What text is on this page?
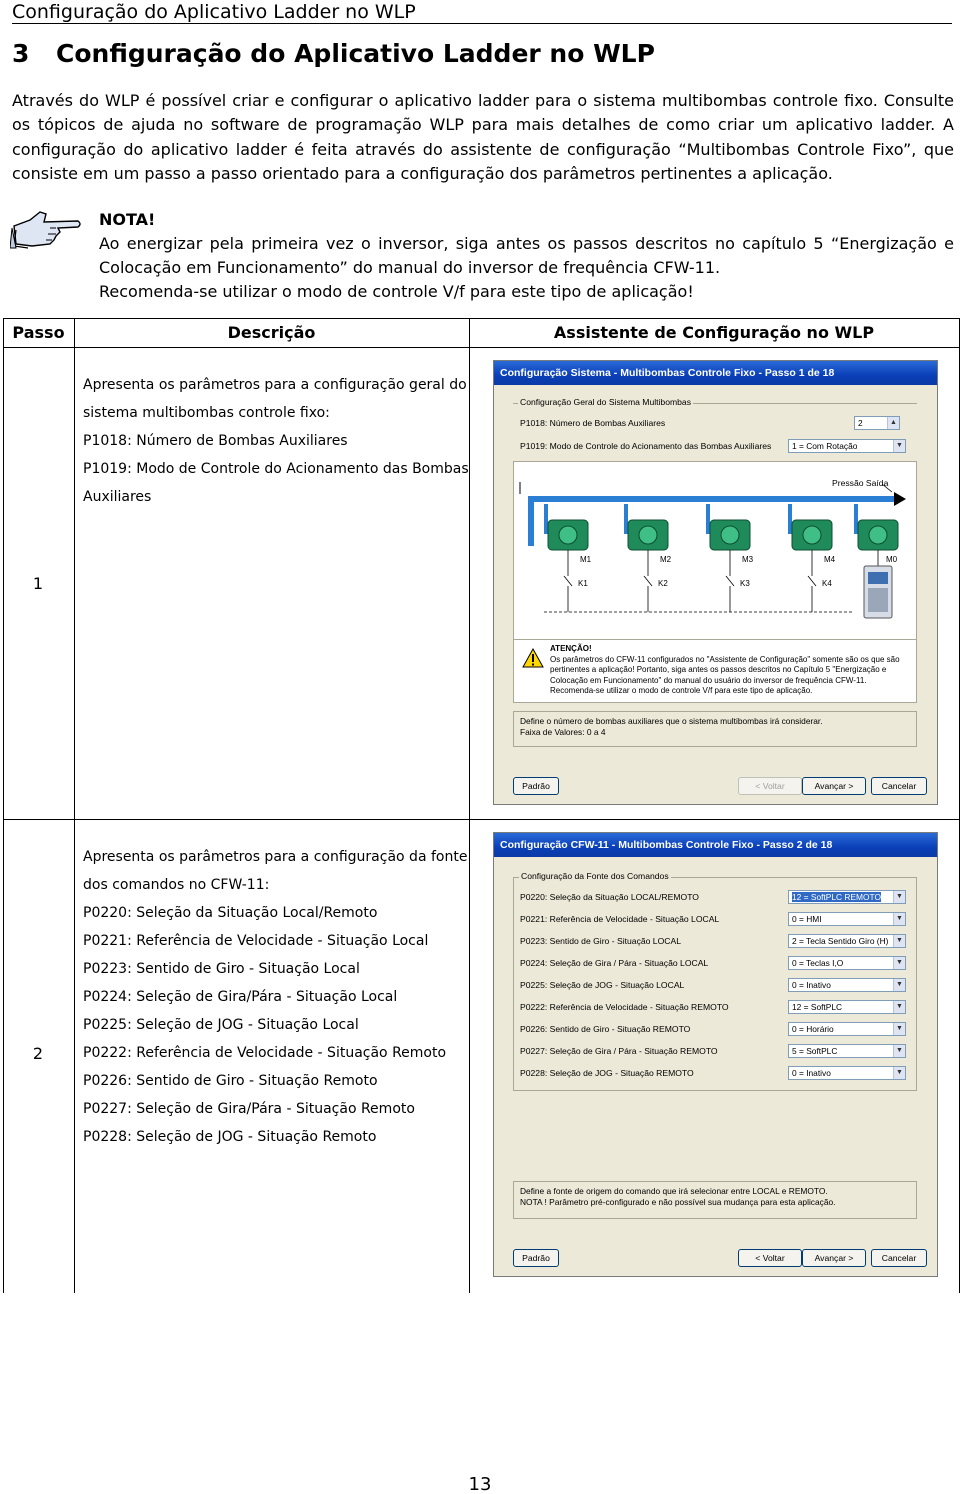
Configuração do Aplicativo Ladder no WLP
3 Configuração do Aplicativo Ladder no WLP
Através do WLP é possível criar e configurar o aplicativo ladder para o sistema multibombas controle fixo. Consulte os tópicos de ajuda no software de programação WLP para mais detalhes de como criar um aplicativo ladder. A configuração do aplicativo ladder é feita através do assistente de configuração “Multibombas Controle Fixo”, que consiste em um passo a passo orientado para a configuração dos parâmetros pertinentes a aplicação.
NOTA!
Ao energizar pela primeira vez o inversor, siga antes os passos descritos no capítulo 5 “Energização e Colocação em Funcionamento” do manual do inversor de frequência CFW-11.
Recomenda-se utilizar o modo de controle V/f para este tipo de aplicação!
Passo	Descrição	Assistente de Configuração no WLP
1
Apresenta os parâmetros para a configuração geral do
sistema multibombas controle fixo:
P1018: Número de Bombas Auxiliares
P1019: Modo de Controle do Acionamento das Bombas
Auxiliares
Configuração Sistema - Multibombas Controle Fixo - Passo 1 de 18
Configuração Geral do Sistema Multibombas
P1018: Número de Bombas Auxiliares	2	▲
P1019: Modo de Controle do Acionamento das Bombas Auxiliares	1 = Com Rotação	▼
Pressão Saída
M1	M2	M3	M4	M0
K1	K2	K3	K4
ATENÇÃO!
Os parâmetros do CFW-11 configurados no "Assistente de Configuração" somente são os que são pertinentes a aplicação! Portanto, siga antes os passos descritos no Capítulo 5 "Energização e Colocação em Funcionamento" do manual do usuário do inversor de frequência CFW-11. Recomenda-se utilizar o modo de controle V/f para este tipo de aplicação.
Define o número de bombas auxiliares que o sistema multibombas irá considerar.
Faixa de Valores: 0 a 4
Padrão	< Voltar	Avançar >	Cancelar
2
Apresenta os parâmetros para a configuração da fonte
dos comandos no CFW-11:
P0220: Seleção da Situação Local/Remoto
P0221: Referência de Velocidade - Situação Local
P0223: Sentido de Giro - Situação Local
P0224: Seleção de Gira/Pára - Situação Local
P0225: Seleção de JOG - Situação Local
P0222: Referência de Velocidade - Situação Remoto
P0226: Sentido de Giro - Situação Remoto
P0227: Seleção de Gira/Pára - Situação Remoto
P0228: Seleção de JOG - Situação Remoto
Configuração CFW-11 - Multibombas Controle Fixo - Passo 2 de 18
Configuração da Fonte dos Comandos
P0220: Seleção da Situação LOCAL/REMOTO	12 = SoftPLC REMOTO	▼
P0221: Referência de Velocidade - Situação LOCAL	0 = HMI	▼
P0223: Sentido de Giro - Situação LOCAL	2 = Tecla Sentido Giro (H)	▼
P0224: Seleção de Gira / Pára - Situação LOCAL	0 = Teclas I,O	▼
P0225: Seleção de JOG - Situação LOCAL	0 = Inativo	▼
P0222: Referência de Velocidade - Situação REMOTO	12 = SoftPLC	▼
P0226: Sentido de Giro - Situação REMOTO	0 = Horário	▼
P0227: Seleção de Gira / Pára - Situação REMOTO	5 = SoftPLC	▼
P0228: Seleção de JOG - Situação REMOTO	0 = Inativo	▼
Define a fonte de origem do comando que irá selecionar entre LOCAL e REMOTO.
NOTA ! Parâmetro pré-configurado e não possível sua mudança para esta aplicação.
Padrão	< Voltar	Avançar >	Cancelar
13
